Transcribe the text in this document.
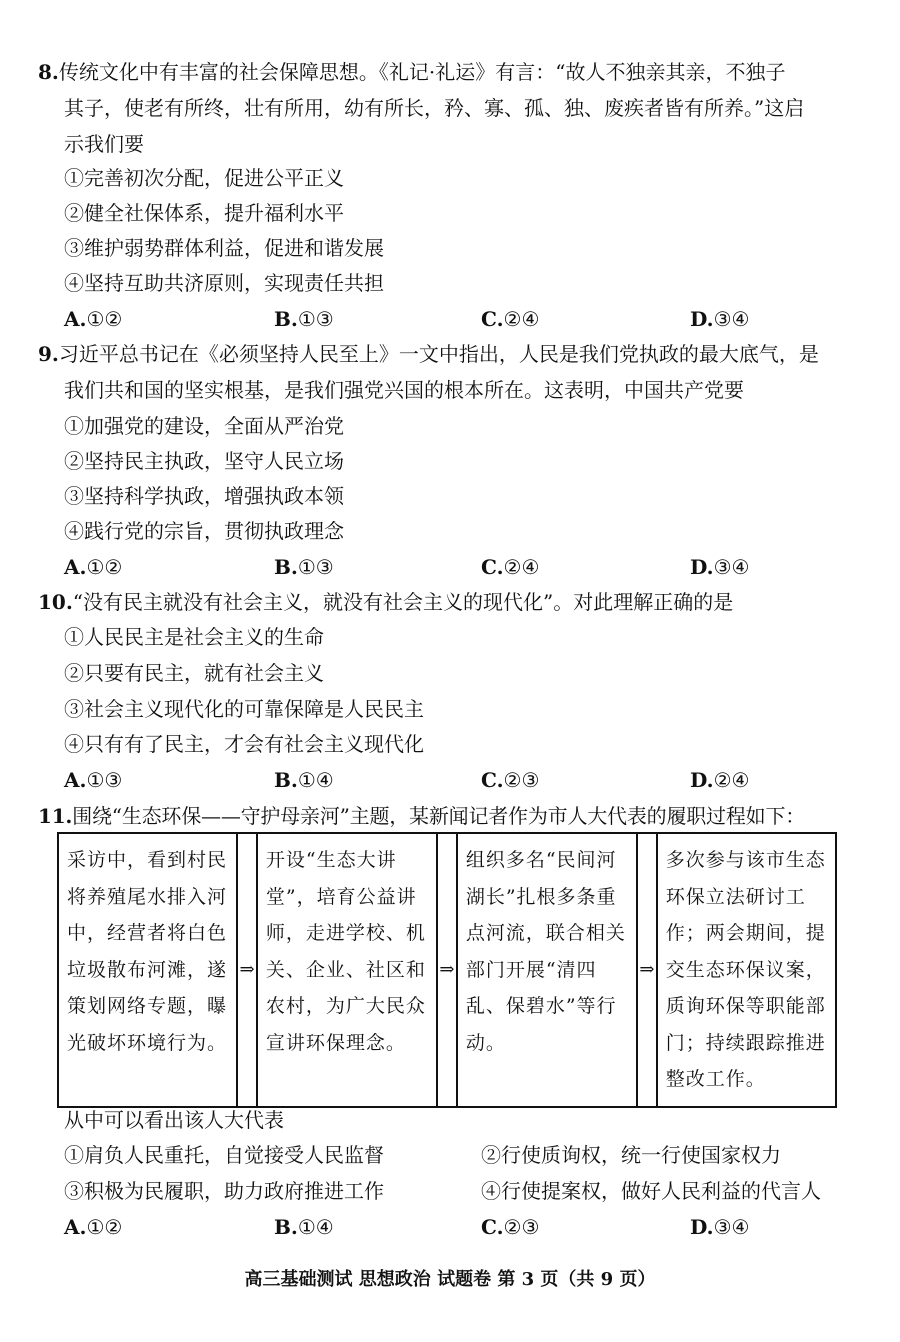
8.传统文化中有丰富的社会保障思想。《礼记·礼运》有言：“故人不独亲其亲，不独子
其子，使老有所终，壮有所用，幼有所长，矜、寡、孤、独、废疾者皆有所养。”这启
示我们要
①完善初次分配，促进公平正义
②健全社保体系，提升福利水平
③维护弱势群体利益，促进和谐发展
④坚持互助共济原则，实现责任共担
A.①②	B.①③	C.②④	D.③④
9.习近平总书记在《必须坚持人民至上》一文中指出，人民是我们党执政的最大底气，是
我们共和国的坚实根基，是我们强党兴国的根本所在。这表明，中国共产党要
①加强党的建设，全面从严治党
②坚持民主执政，坚守人民立场
③坚持科学执政，增强执政本领
④践行党的宗旨，贯彻执政理念
A.①②	B.①③	C.②④	D.③④
10.“没有民主就没有社会主义，就没有社会主义的现代化”。对此理解正确的是
①人民民主是社会主义的生命
②只要有民主，就有社会主义
③社会主义现代化的可靠保障是人民民主
④只有有了民主，才会有社会主义现代化
A.①③	B.①④	C.②③	D.②④
11.围绕“生态环保——守护母亲河”主题，某新闻记者作为市人大代表的履职过程如下：
采访中，看到村民将养殖尾水排入河中，经营者将白色垃圾散布河滩，遂策划网络专题，曝光破坏环境行为。	⇒	开设“生态大讲堂”，培育公益讲师，走进学校、机关、企业、社区和农村，为广大民众宣讲环保理念。	⇒	组织多名“民间河湖长”扎根多条重点河流，联合相关部门开展“清四乱、保碧水”等行动。	⇒	多次参与该市生态环保立法研讨工作；两会期间，提交生态环保议案，质询环保等职能部门；持续跟踪推进整改工作。
从中可以看出该人大代表
①肩负人民重托，自觉接受人民监督	②行使质询权，统一行使国家权力
③积极为民履职，助力政府推进工作	④行使提案权，做好人民利益的代言人
A.①②	B.①④	C.②③	D.③④
高三基础测试 思想政治 试题卷 第 3 页（共 9 页）
